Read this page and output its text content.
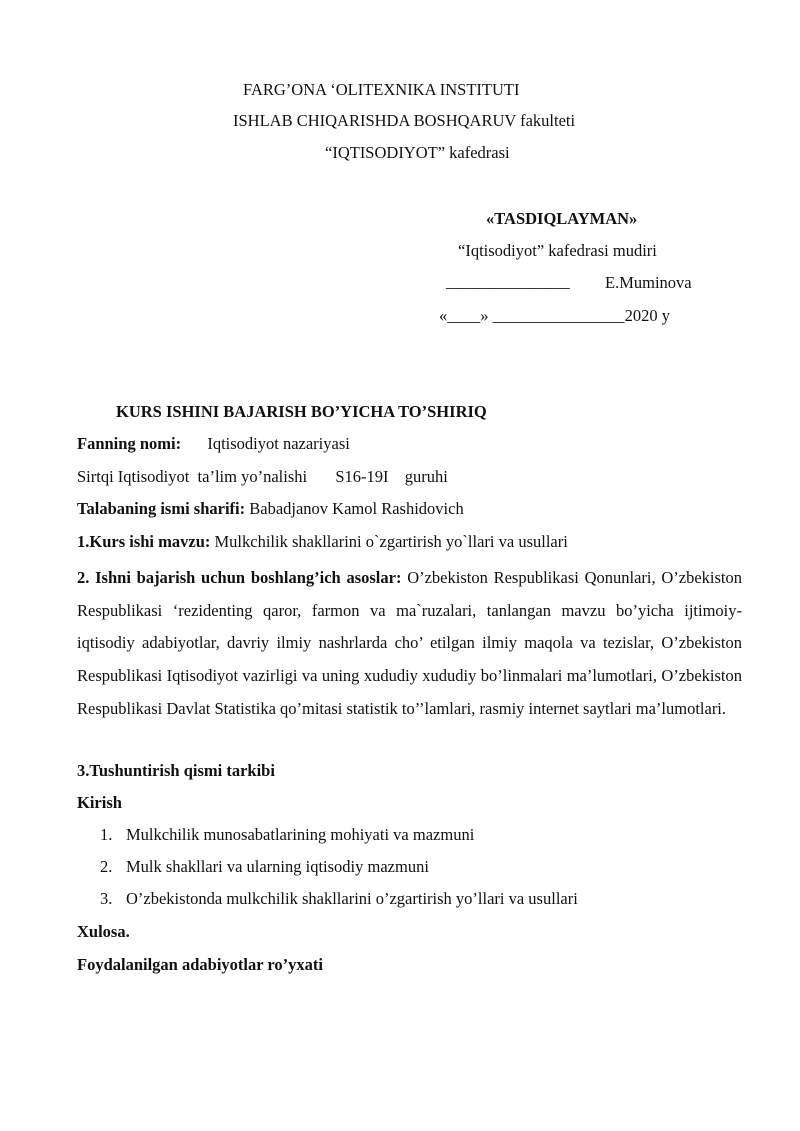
FARG’ONA ‘OLITEXNIKA INSTITUTI
ISHLAB CHIQARISHDA BOSHQARUV fakulteti
“IQTISODIYOT” kafedrasi
«TASDIQLAYMAN»
“Iqtisodiyot” kafedrasi mudiri
_______________ E.Muminova
«____» ________________2020 y
KURS ISHINI BAJARISH BO’YICHA TO’SHIRIQ
Fanning nomi: Iqtisodiyot nazariyasi
Sirtqi Iqtisodiyot  ta’lim yo’nalishi S16-19I guruhi
Talabaning ismi sharifi: Babadjanov Kamol Rashidovich
1.Kurs ishi mavzu: Mulkchilik shakllarini o`zgartirish yo`llari va usullari

2. Ishni bajarish uchun boshlang’ich asoslar: O’zbekiston Respublikasi Qonunlari, O’zbekiston Respublikasi ‘rezidenting qaror, farmon va ma`ruzalari, tanlangan mavzu bo’yicha ijtimoiy-iqtisodiy adabiyotlar, davriy ilmiy nashrlarda cho’ etilgan ilmiy maqola va tezislar, O’zbekiston Respublikasi Iqtisodiyot vazirligi va uning xududiy xududiy bo’linmalari ma’lumotlari, O’zbekiston Respublikasi Davlat Statistika qo’mitasi statistik to’’lamlari, rasmiy internet saytlari ma’lumotlari.

3.Tushuntirish qismi tarkibi
Kirish
1. Mulkchilik munosabatlarining mohiyati va mazmuni
2. Mulk shakllari va ularning iqtisodiy mazmuni
3. O’zbekistonda mulkchilik shakllarini o’zgartirish yo’llari va usullari
Xulosa.
Foydalanilgan adabiyotlar ro’yxati
